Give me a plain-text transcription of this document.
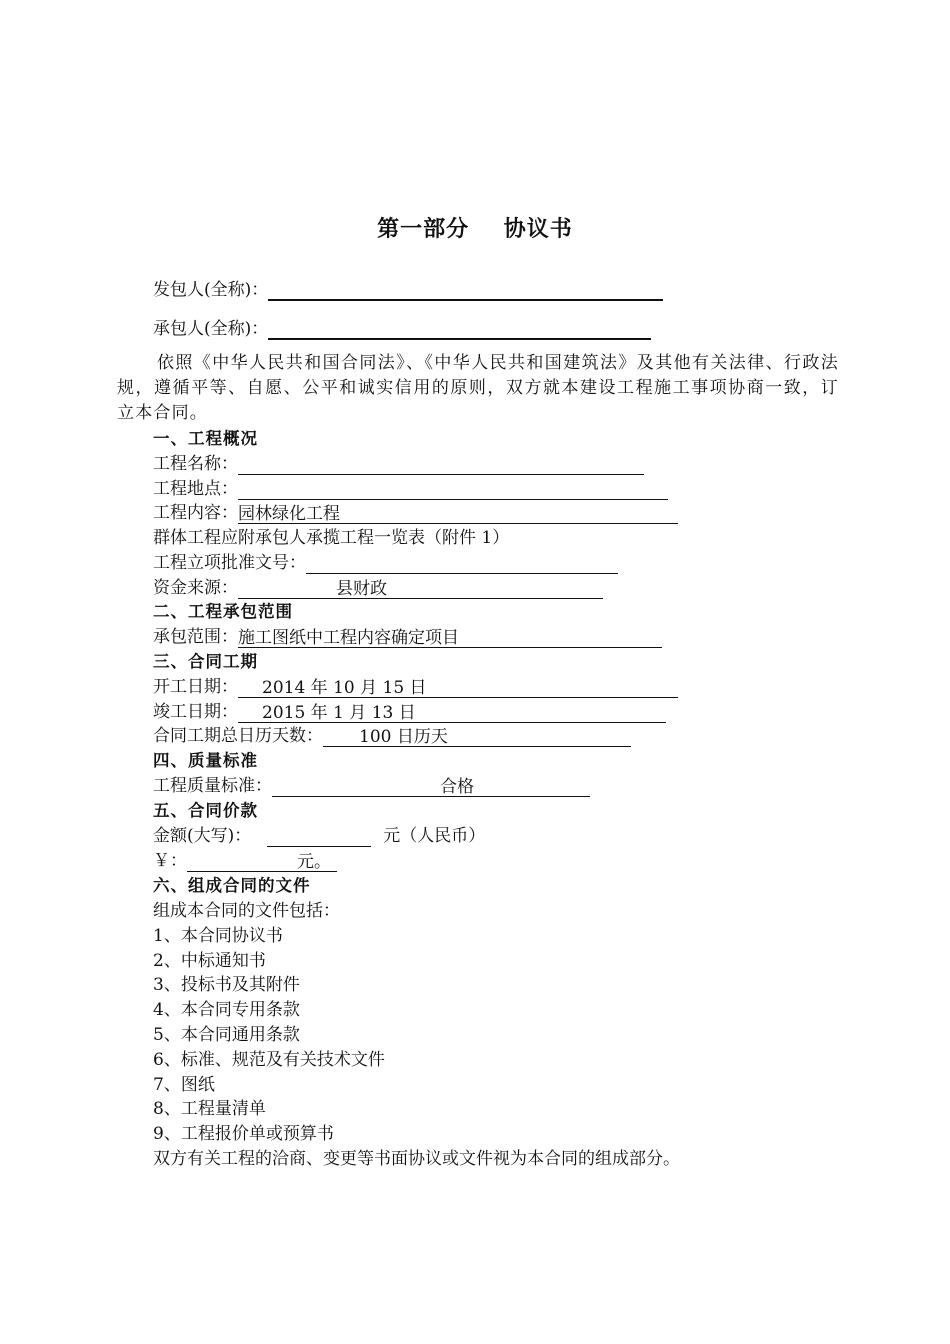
第一部分    协议书
发包人(全称)：
承包人(全称)：
依照《中华人民共和国合同法》、《中华人民共和国建筑法》及其他有关法律、行政法规，遵循平等、自愿、公平和诚实信用的原则，双方就本建设工程施工事项协商一致，订立本合同。
一、工程概况
工程名称：
工程地点：
工程内容： 园林绿化工程
群体工程应附承包人承揽工程一览表（附件 1）
工程立项批准文号：
资金来源：	县财政
二、工程承包范围
承包范围： 施工图纸中工程内容确定项目
三、合同工期
开工日期： 2014 年 10 月 15 日
竣工日期： 2015 年 1 月 13 日
合同工期总日历天数： 100 日历天
四、质量标准
工程质量标准：	合格
五、合同价款
金额(大写)：	元（人民币）
￥：	元。
六、组成合同的文件
组成本合同的文件包括：
1、本合同协议书
2、中标通知书
3、投标书及其附件
4、本合同专用条款
5、本合同通用条款
6、标准、规范及有关技术文件
7、图纸
8、工程量清单
9、工程报价单或预算书
双方有关工程的洽商、变更等书面协议或文件视为本合同的组成部分。
